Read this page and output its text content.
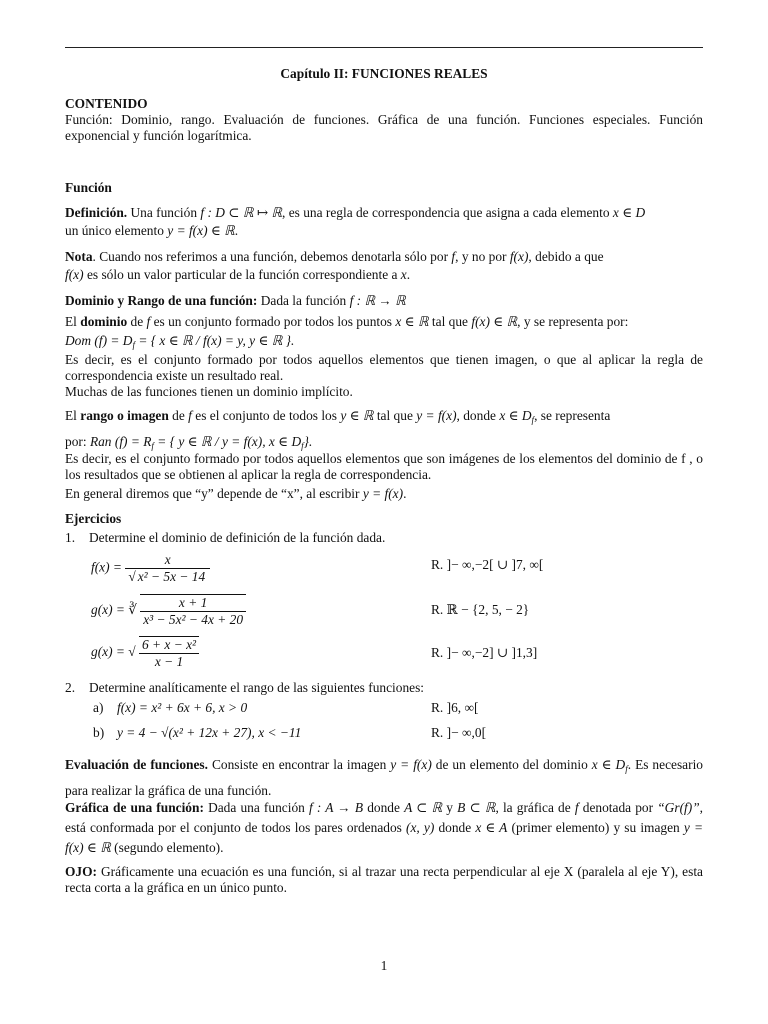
Capítulo II: FUNCIONES REALES
CONTENIDO
Función: Dominio, rango. Evaluación de funciones. Gráfica de una función. Funciones especiales. Función exponencial y función logarítmica.
Función
Definición. Una función f : D ⊂ ℝ ↦ ℝ, es una regla de correspondencia que asigna a cada elemento x ∈ D
un único elemento y = f(x) ∈ ℝ.
Nota. Cuando nos referimos a una función, debemos denotarla sólo por f, y no por f(x), debido a que
f(x) es sólo un valor particular de la función correspondiente a x.
Dominio y Rango de una función: Dada la función f : ℝ → ℝ
El dominio de f es un conjunto formado por todos los puntos x ∈ ℝ tal que f(x) ∈ ℝ, y se representa por:
Dom $(f) = D_f$ = { x ∈ ℝ / f(x) = y, y ∈ ℝ }.
Es decir, es el conjunto formado por todos aquellos elementos que tienen imagen, o que al aplicar la regla de correspondencia existe un resultado real.
Muchas de las funciones tienen un dominio implícito.
El rango o imagen de f es el conjunto de todos los y ∈ ℝ tal que y = f(x), donde x ∈ $D_f$, se representa
por: Ran $(f) = R_f$ = { y ∈ ℝ / y = f(x), x ∈ $D_f$}.
Es decir, es el conjunto formado por todos aquellos elementos que son imágenes de los elementos del dominio de f , o los resultados que se obtienen al aplicar la regla de correspondencia.
En general diremos que “y” depende de “x”, al escribir y = f(x).
Ejercicios
1. Determine el dominio de definición de la función dada.
$f(x) = \frac{x}{\text{√ x² − 5x − 14}}$	R. ]− ∞,−2[ ∪ ]7, ∞[
g(x) = ∛ $\frac{x + 1}{\text{x³ − 5x² − 4x + 20}}$	R. ℝ − {2, 5, − 2}
g(x) = √ $\frac{\text{6 + x − x²}}{x - 1}$	R. ]− ∞,−2] ∪ ]1,3]
2. Determine analíticamente el rango de las siguientes funciones:
a) f(x) = x² + 6x + 6, x > 0	R. ]6, ∞[
b) y = 4 − √(x² + 12x + 27), x < −11	R. ]− ∞,0[
Evaluación de funciones. Consiste en encontrar la imagen y = f(x) de un elemento del dominio x ∈ $D_f$. Es necesario para realizar la gráfica de una función.
Gráfica de una función: Dada una función f : A → B donde A ⊂ ℝ y B ⊂ ℝ, la gráfica de f denotada por “Gr(f)”, está conformada por el conjunto de todos los pares ordenados (x, y) donde x ∈ A (primer elemento) y su imagen y = f(x) ∈ ℝ (segundo elemento).
OJO: Gráficamente una ecuación es una función, si al trazar una recta perpendicular al eje X (paralela al eje Y), esta recta corta a la gráfica en un único punto.
1
